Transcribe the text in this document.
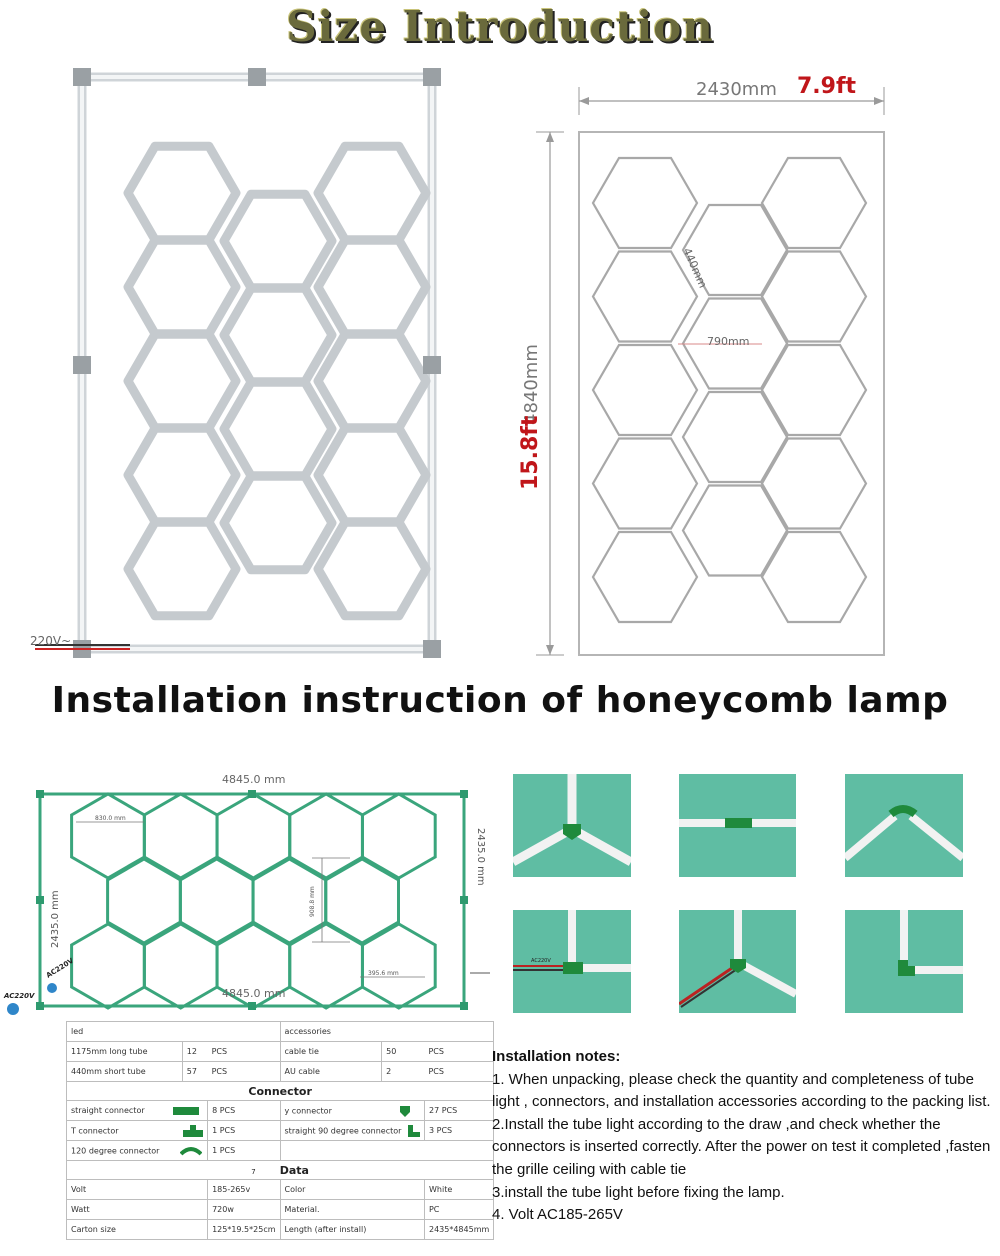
Size Introduction
Installation instruction of honeycomb lamp
220V~
2430mm 7.9ft
4840mm
15.8ft
790mm
440mm
4845.0 mm
2435.0 mm
2435.0 mm
830.0 mm
908.8 mm
395.6 mm
4845.0 mm
AC220V
AC220V
AC220V
led			accessories		
1175mm long tube	12	PCS	cable tie	50	PCS
440mm short tube	57	PCS	AU cable	2	PCS
Connector					
straight connector		8 PCS	y connector		27 PCS
T connector		1 PCS	straight 90 degree connector		3 PCS
120 degree connector		1 PCS			
7 Data					
Volt		185-265v	Color		White
Watt		720w	Material.		PC
Carton size		125*19.5*25cm	Length (after install)		2435*4845mm

Installation notes:

1. When unpacking, please check the quantity and completeness of tube light , connectors, and installation accessories according to the packing list.

2.Install the tube light according to the draw ,and check whether the connectors is inserted correctly. After the power on test it completed ,fasten the grille ceiling with cable tie

3.install the tube light before fixing the lamp.

4. Volt AC185-265V
